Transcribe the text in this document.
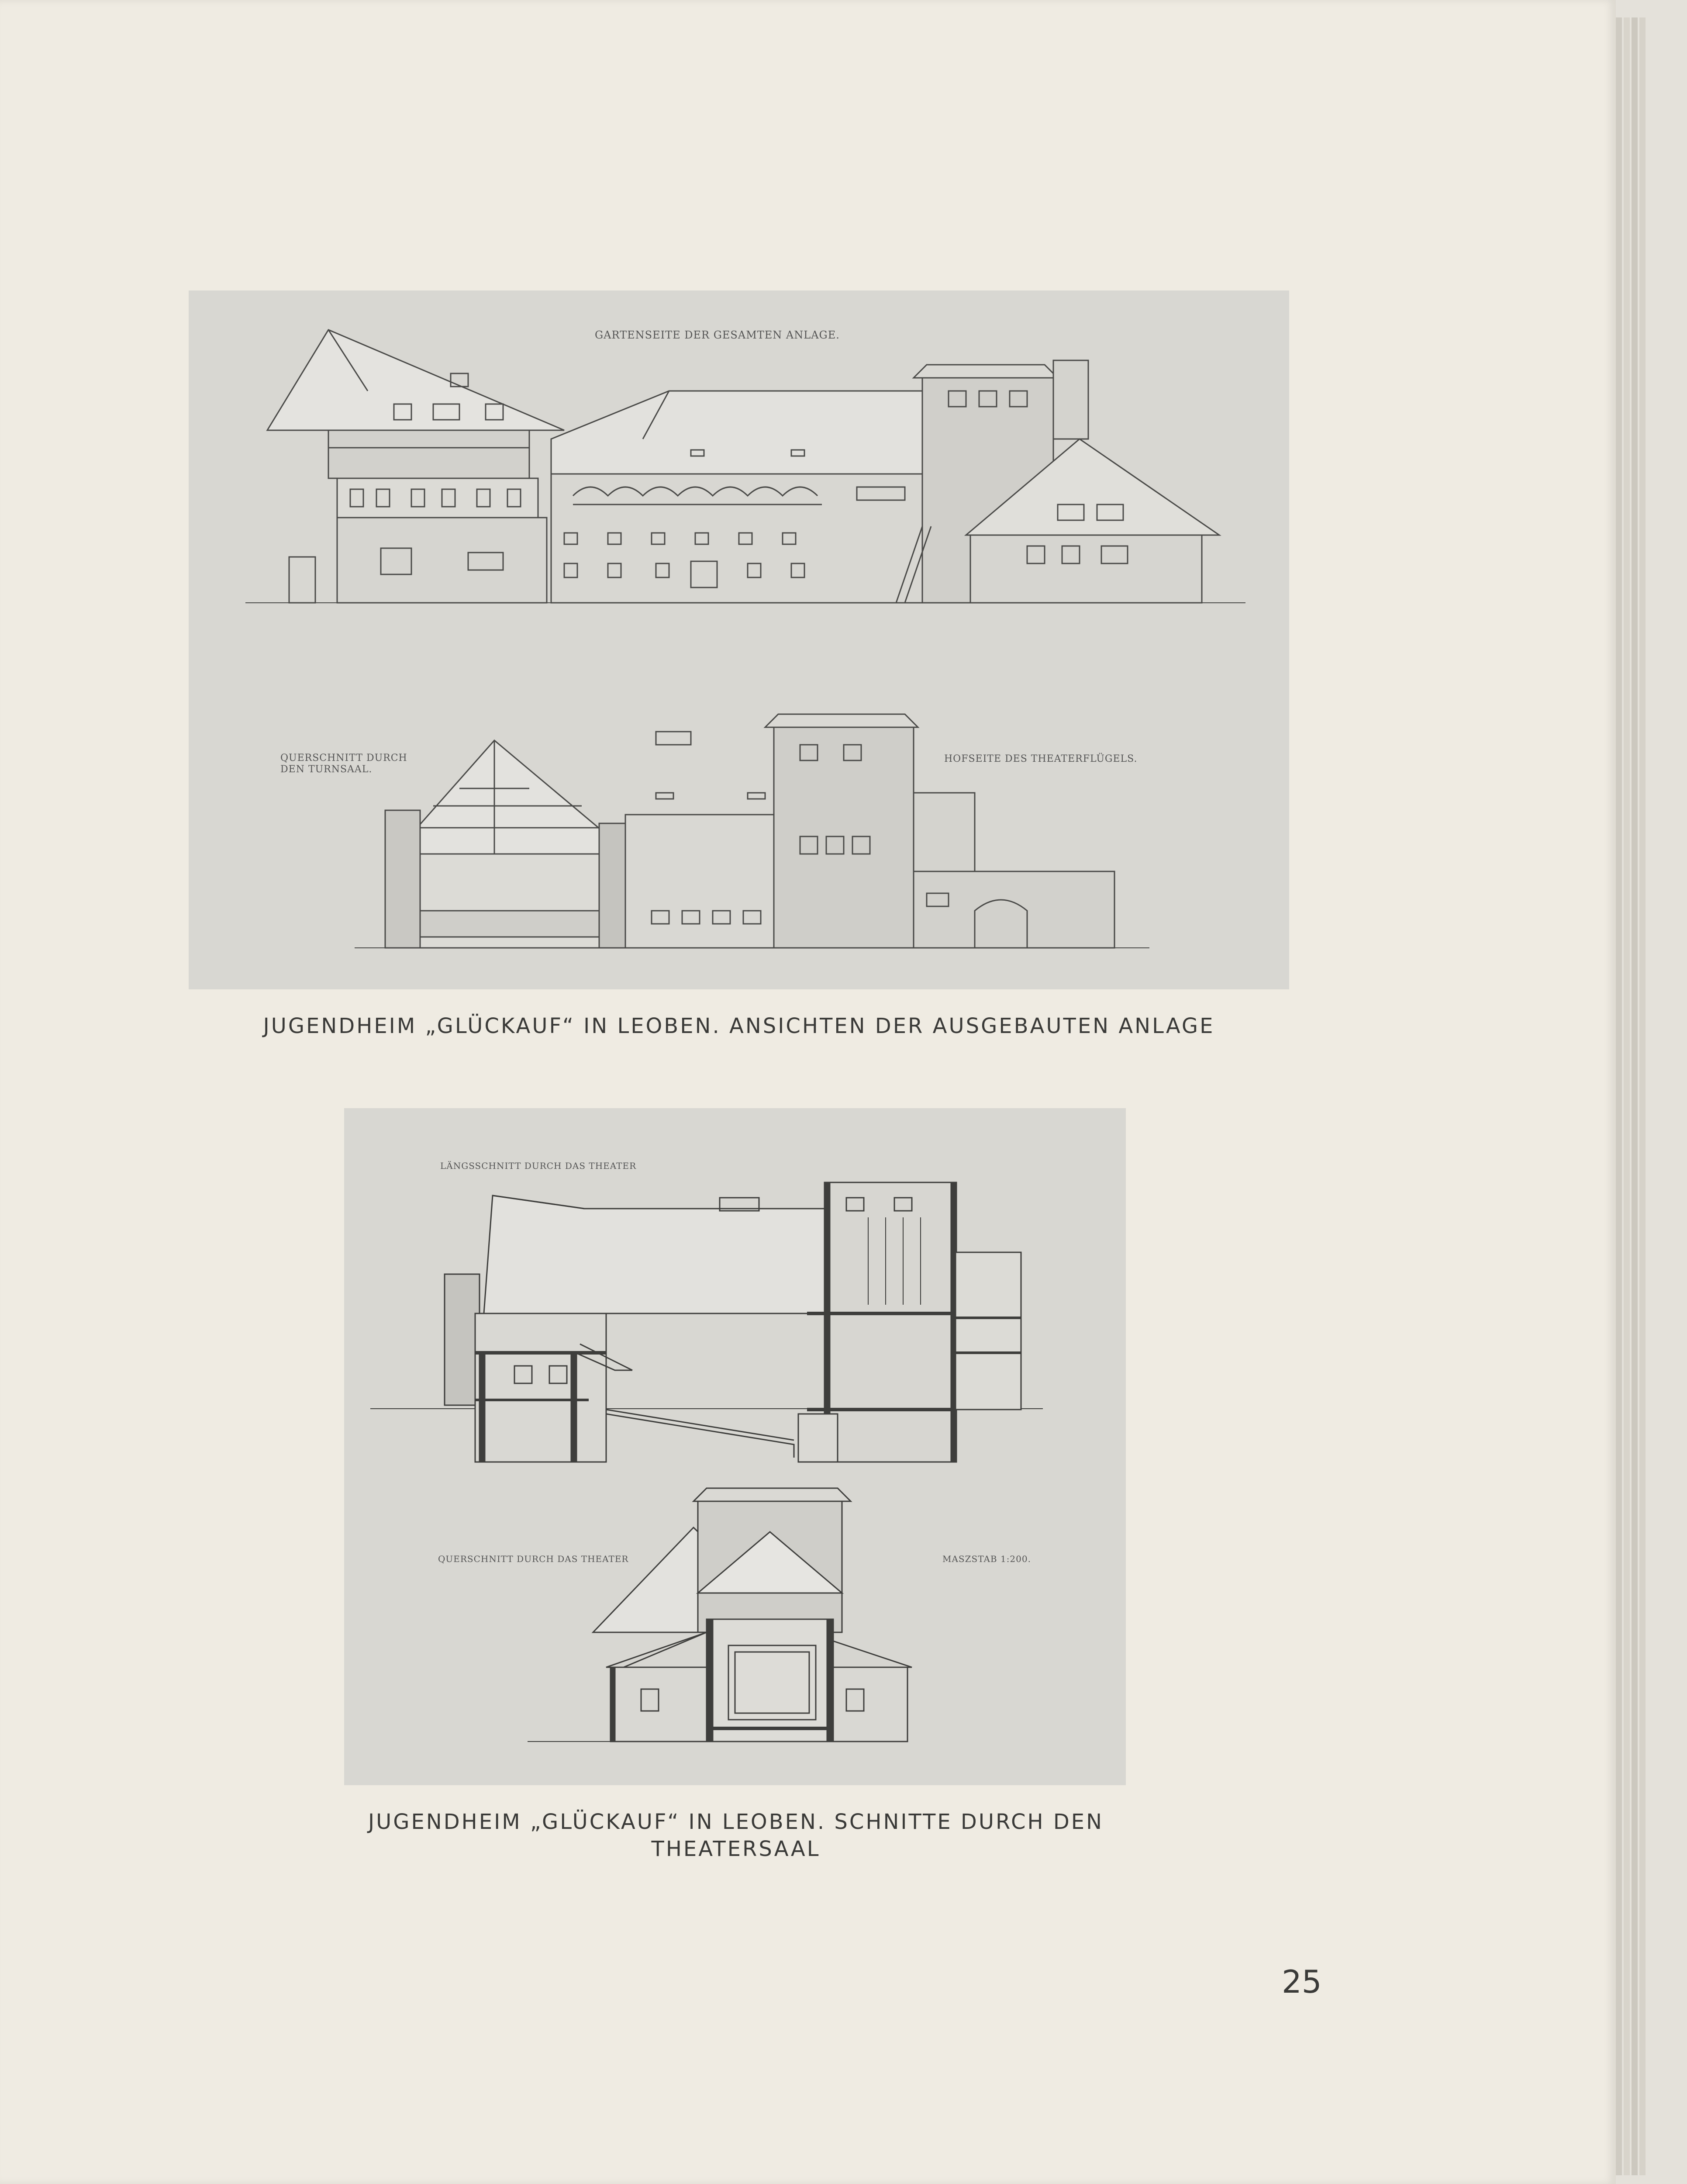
GARTENSEITE DER GESAMTEN ANLAGE.
QUERSCHNITT DURCH DEN TURNSAAL.
HOFSEITE DES THEATERFLÜGELS.
JUGENDHEIM „GLÜCKAUF“ IN LEOBEN. ANSICHTEN DER AUSGEBAUTEN ANLAGE
LÄNGSSCHNITT DURCH DAS THEATER
QUERSCHNITT DURCH DAS THEATER	MASZSTAB 1:200.
JUGENDHEIM „GLÜCKAUF“ IN LEOBEN. SCHNITTE DURCH DEN
THEATERSAAL
25
